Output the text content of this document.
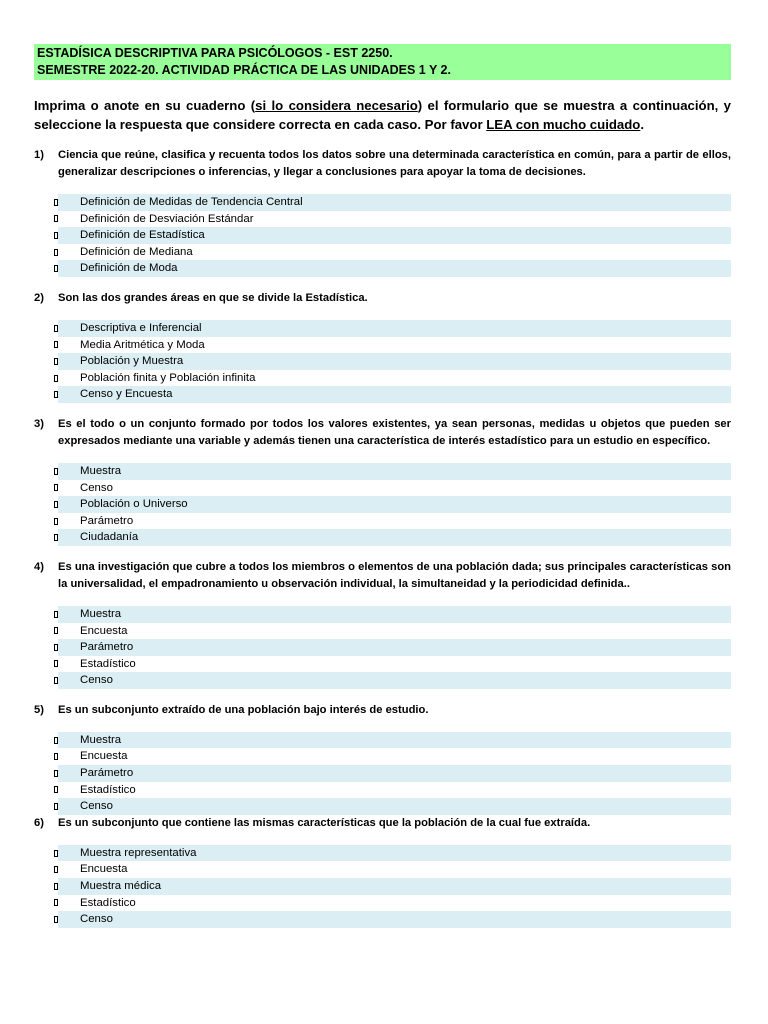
ESTADÍSICA DESCRIPTIVA PARA PSICÓLOGOS - EST 2250.
SEMESTRE 2022-20. ACTIVIDAD PRÁCTICA DE LAS UNIDADES 1 Y 2.
Imprima o anote en su cuaderno (si lo considera necesario) el formulario que se muestra a continuación, y seleccione la respuesta que considere correcta en cada caso. Por favor LEA con mucho cuidado.
1)	Ciencia que reúne, clasifica y recuenta todos los datos sobre una determinada característica en común, para a partir de ellos, generalizar descripciones o inferencias, y llegar a conclusiones para apoyar la toma de decisiones.
Definición de Medidas de Tendencia Central
Definición de Desviación Estándar
Definición de Estadística
Definición de Mediana
Definición de Moda
2)	Son las dos grandes áreas en que se divide la Estadística.
Descriptiva e Inferencial
Media Aritmética y Moda
Población y Muestra
Población finita y Población infinita
Censo y Encuesta
3)	Es el todo o un conjunto formado por todos los valores existentes, ya sean personas, medidas u objetos que pueden ser expresados mediante una variable y además tienen una característica de interés estadístico para un estudio en específico.
Muestra
Censo
Población o Universo
Parámetro
Ciudadanía
4)	Es una investigación que cubre a todos los miembros o elementos de una población dada; sus principales características son la universalidad, el empadronamiento u observación individual, la simultaneidad y la periodicidad definida..
Muestra
Encuesta
Parámetro
Estadístico
Censo
5)	Es un subconjunto extraído de una población bajo interés de estudio.
Muestra
Encuesta
Parámetro
Estadístico
Censo
6)	Es un subconjunto que contiene las mismas características que la población de la cual fue extraída.
Muestra representativa
Encuesta
Muestra médica
Estadístico
Censo
